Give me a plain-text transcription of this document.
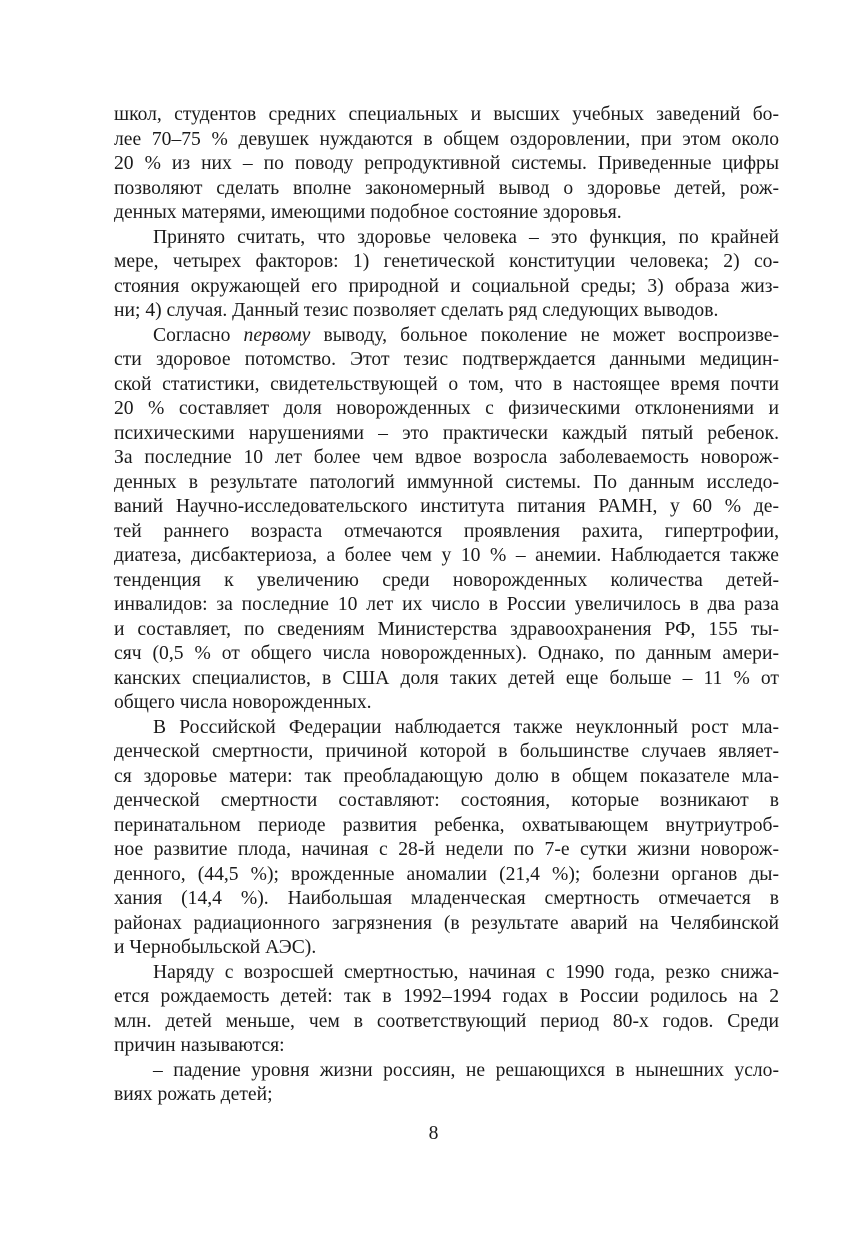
школ, студентов средних специальных и высших учебных заведений бо-
лее 70–75 % девушек нуждаются в общем оздоровлении, при этом около
20 % из них – по поводу репродуктивной системы. Приведенные цифры
позволяют сделать вполне закономерный вывод о здоровье детей, рож-
денных матерями, имеющими подобное состояние здоровья.
Принято считать, что здоровье человека – это функция, по крайней
мере, четырех факторов: 1) генетической конституции человека; 2) со-
стояния окружающей его природной и социальной среды; 3) образа жиз-
ни; 4) случая. Данный тезис позволяет сделать ряд следующих выводов.
Согласно первому выводу, больное поколение не может воспроизве-
сти здоровое потомство. Этот тезис подтверждается данными медицин-
ской статистики, свидетельствующей о том, что в настоящее время почти
20 % составляет доля новорожденных с физическими отклонениями и
психическими нарушениями – это практически каждый пятый ребенок.
За последние 10 лет более чем вдвое возросла заболеваемость новорож-
денных в результате патологий иммунной системы. По данным исследо-
ваний Научно-исследовательского института питания РАМН, у 60 % де-
тей раннего возраста отмечаются проявления рахита, гипертрофии,
диатеза, дисбактериоза, а более чем у 10 % – анемии. Наблюдается также
тенденция к увеличению среди новорожденных количества детей-
инвалидов: за последние 10 лет их число в России увеличилось в два раза
и составляет, по сведениям Министерства здравоохранения РФ, 155 ты-
сяч (0,5 % от общего числа новорожденных). Однако, по данным амери-
канских специалистов, в США доля таких детей еще больше – 11 % от
общего числа новорожденных.
В Российской Федерации наблюдается также неуклонный рост мла-
денческой смертности, причиной которой в большинстве случаев являет-
ся здоровье матери: так преобладающую долю в общем показателе мла-
денческой смертности составляют: состояния, которые возникают в
перинатальном периоде развития ребенка, охватывающем внутриутроб-
ное развитие плода, начиная с 28-й недели по 7-е сутки жизни новорож-
денного, (44,5 %); врожденные аномалии (21,4 %); болезни органов ды-
хания (14,4 %). Наибольшая младенческая смертность отмечается в
районах радиационного загрязнения (в результате аварий на Челябинской
и Чернобыльской АЭС).
Наряду с возросшей смертностью, начиная с 1990 года, резко снижа-
ется рождаемость детей: так в 1992–1994 годах в России родилось на 2
млн. детей меньше, чем в соответствующий период 80-х годов. Среди
причин называются:
– падение уровня жизни россиян, не решающихся в нынешних усло-
виях рожать детей;
8
